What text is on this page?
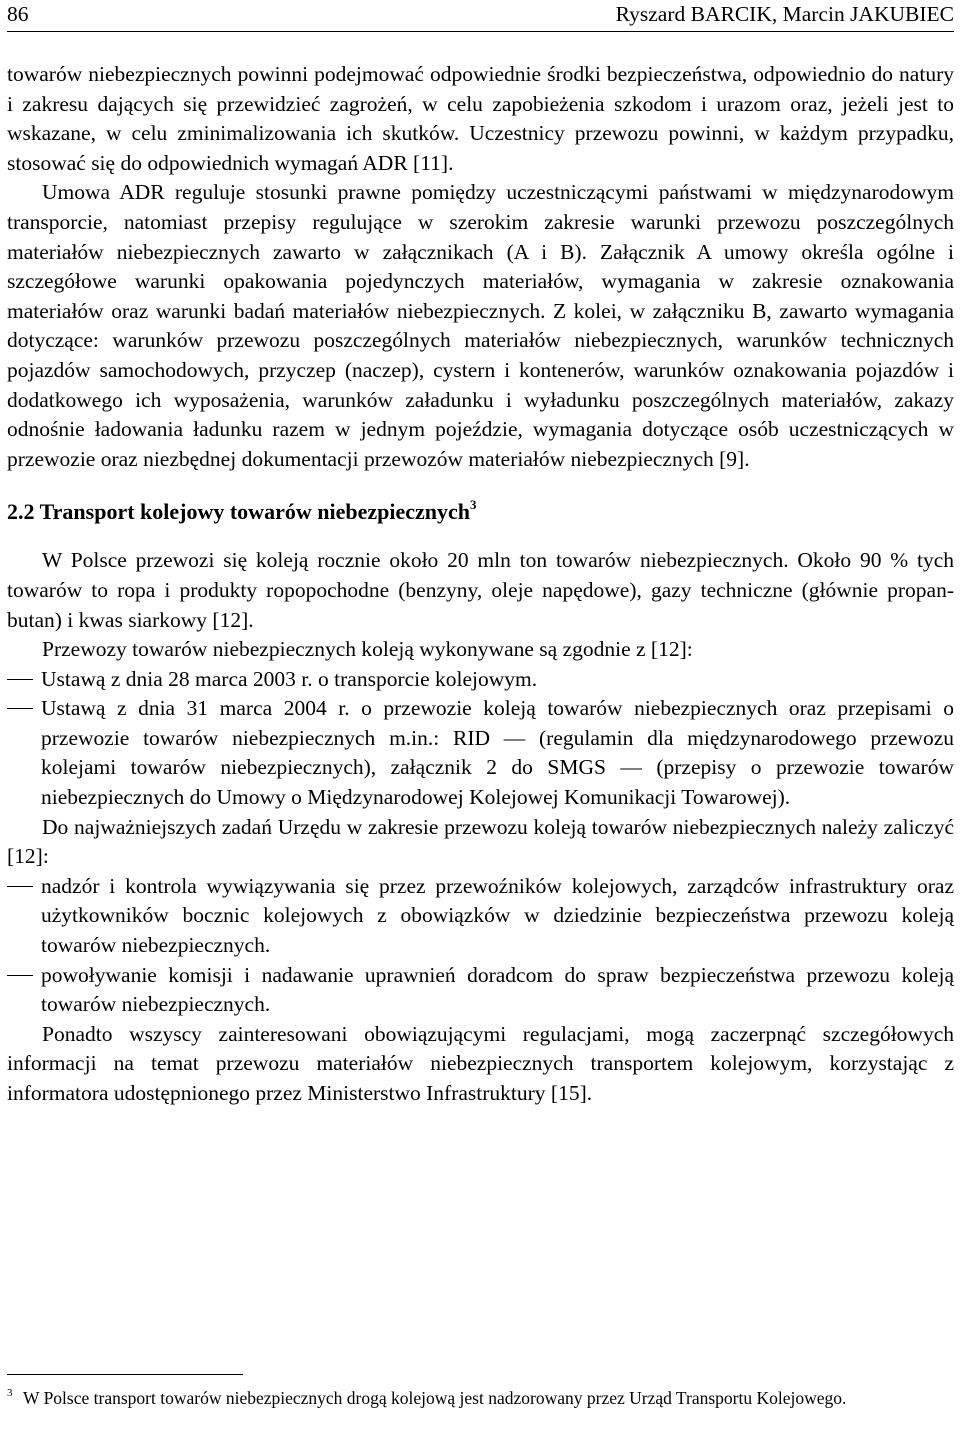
86	Ryszard BARCIK, Marcin JAKUBIEC

towarów niebezpiecznych powinni podejmować odpowiednie środki bezpieczeństwa, odpowiednio do natury i zakresu dających się przewidzieć zagrożeń, w celu zapobieżenia szkodom i urazom oraz, jeżeli jest to wskazane, w celu zminimalizowania ich skutków. Uczestnicy przewozu powinni, w każdym przypadku, stosować się do odpowiednich wymagań ADR [11].

Umowa ADR reguluje stosunki prawne pomiędzy uczestniczącymi państwami w międzynarodowym transporcie, natomiast przepisy regulujące w szerokim zakresie warunki przewozu poszczególnych materiałów niebezpiecznych zawarto w załącznikach (A i B). Załącznik A umowy określa ogólne i szczegółowe warunki opakowania pojedynczych materiałów, wymagania w zakresie oznakowania materiałów oraz warunki badań materiałów niebezpiecznych. Z kolei, w załączniku B, zawarto wymagania dotyczące: warunków przewozu poszczególnych materiałów niebezpiecznych, warunków technicznych pojazdów samochodowych, przyczep (naczep), cystern i kontenerów, warunków oznakowania pojazdów i dodatkowego ich wyposażenia, warunków załadunku i wyładunku poszczególnych materiałów, zakazy odnośnie ładowania ładunku razem w jednym pojeździe, wymagania dotyczące osób uczestniczących w przewozie oraz niezbędnej dokumentacji przewozów materiałów niebezpiecznych [9].

2.2 Transport kolejowy towarów niebezpiecznych$^3$

W Polsce przewozi się koleją rocznie około 20 mln ton towarów niebezpiecznych. Około 90 % tych towarów to ropa i produkty ropopochodne (benzyny, oleje napędowe), gazy techniczne (głównie propan-butan) i kwas siarkowy [12].

Przewozy towarów niebezpiecznych koleją wykonywane są zgodnie z [12]:

Ustawą z dnia 28 marca 2003 r. o transporcie kolejowym.
Ustawą z dnia 31 marca 2004 r. o przewozie koleją towarów niebezpiecznych oraz przepisami o przewozie towarów niebezpiecznych m.in.: RID — (regulamin dla międzynarodowego przewozu kolejami towarów niebezpiecznych), załącznik 2 do SMGS — (przepisy o przewozie towarów niebezpiecznych do Umowy o Międzynarodowej Kolejowej Komunikacji Towarowej).

Do najważniejszych zadań Urzędu w zakresie przewozu koleją towarów niebezpiecznych należy zaliczyć [12]:

nadzór i kontrola wywiązywania się przez przewoźników kolejowych, zarządców infrastruktury oraz użytkowników bocznic kolejowych z obowiązków w dziedzinie bezpieczeństwa przewozu koleją towarów niebezpiecznych.
powoływanie komisji i nadawanie uprawnień doradcom do spraw bezpieczeństwa przewozu koleją towarów niebezpiecznych.

Ponadto wszyscy zainteresowani obowiązującymi regulacjami, mogą zaczerpnąć szczegółowych informacji na temat przewozu materiałów niebezpiecznych transportem kolejowym, korzystając z informatora udostępnionego przez Ministerstwo Infrastruktury [15].

3 W Polsce transport towarów niebezpiecznych drogą kolejową jest nadzorowany przez Urząd Transportu Kolejowego.
